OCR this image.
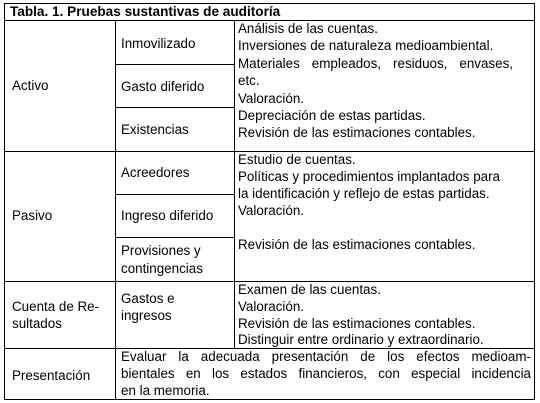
Tabla. 1. Pruebas sustantivas de auditoría
Activo
Inmovilizado
Gasto diferido
Existencias
Análisis de las cuentas.
Inversiones de naturaleza medioambiental.
Materiales empleados, residuos, envases,
etc.
Valoración.
Depreciación de estas partidas.
Revisión de las estimaciones contables.
Pasivo
Acreedores
Ingreso diferido
Provisiones y
contingencias
Estudio de cuentas.
Políticas y procedimientos implantados para
la identificación y reflejo de estas partidas.
Valoración.
Revisión de las estimaciones contables.
Cuenta de Re-
sultados
Gastos e
ingresos
Examen de las cuentas.
Valoración.
Revisión de las estimaciones contables.
Distinguir entre ordinario y extraordinario.
Presentación
Evaluar la adecuada presentación de los efectos medioam-
bientales en los estados financieros, con especial incidencia
en la memoria.
